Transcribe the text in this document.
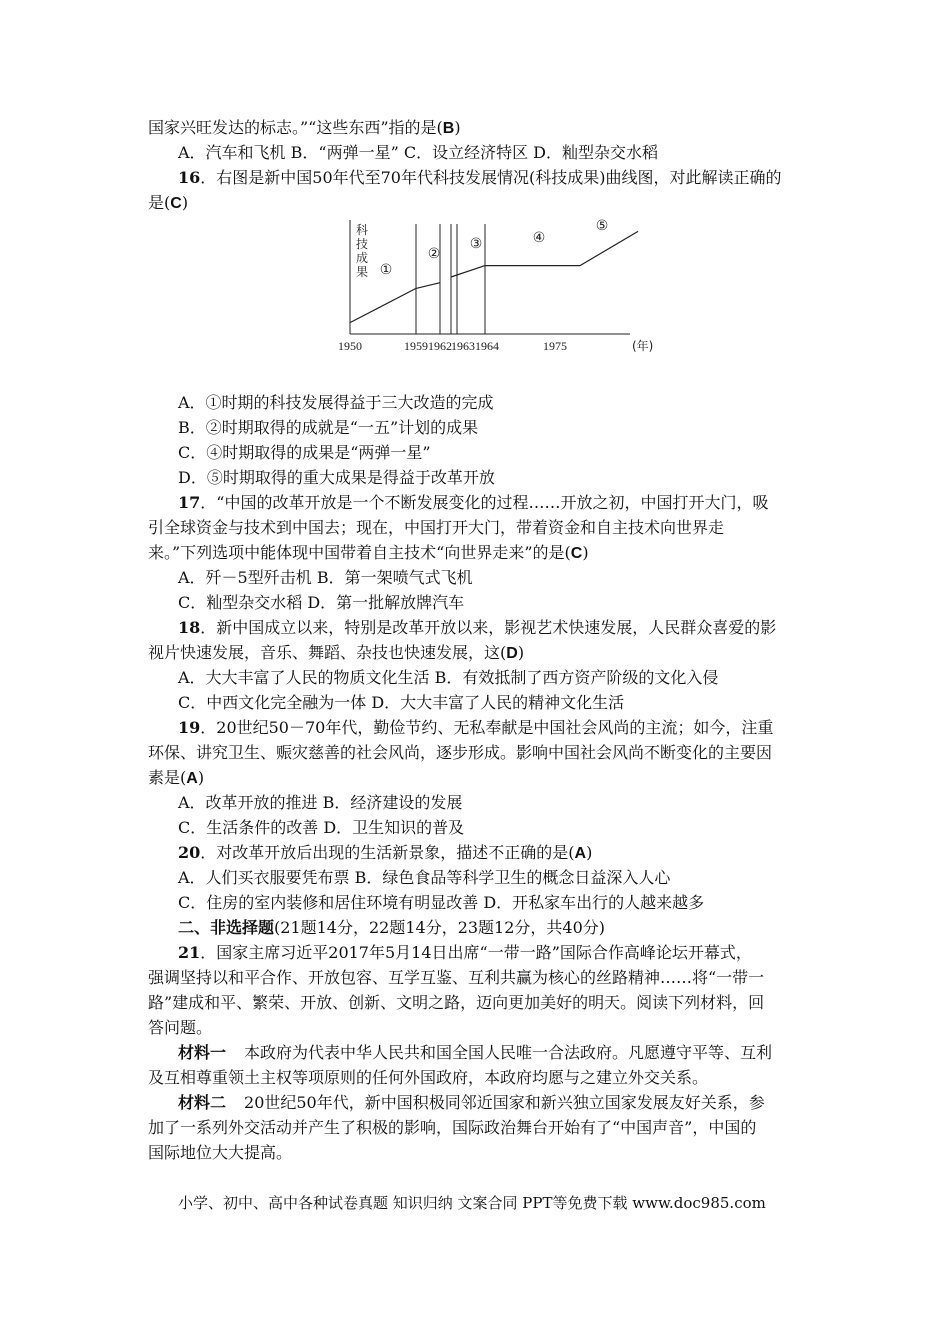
国家兴旺发达的标志。”“这些东西”指的是(B)
A．汽车和飞机 B．“两弹一星” C．设立经济特区 D．籼型杂交水稻
16．右图是新中国50年代至70年代科技发展情况(科技成果)曲线图，对此解读正确的
是(C)
科
技
成
果 ①
②
③	④
⑤
1950	1959 1962 1963 1964	1975	(年)
A．①时期的科技发展得益于三大改造的完成
B．②时期取得的成就是“一五”计划的成果
C．④时期取得的成果是“两弹一星”
D．⑤时期取得的重大成果是得益于改革开放
17．“中国的改革开放是一个不断发展变化的过程……开放之初，中国打开大门，吸
引全球资金与技术到中国去；现在，中国打开大门，带着资金和自主技术向世界走
来。”下列选项中能体现中国带着自主技术“向世界走来”的是(C)
A．歼－5型歼击机 B．第一架喷气式飞机
C．籼型杂交水稻 D．第一批解放牌汽车
18．新中国成立以来，特别是改革开放以来，影视艺术快速发展，人民群众喜爱的影
视片快速发展，音乐、舞蹈、杂技也快速发展，这(D)
A．大大丰富了人民的物质文化生活 B．有效抵制了西方资产阶级的文化入侵
C．中西文化完全融为一体 D．大大丰富了人民的精神文化生活
19．20世纪50－70年代，勤俭节约、无私奉献是中国社会风尚的主流；如今，注重
环保、讲究卫生、赈灾慈善的社会风尚，逐步形成。影响中国社会风尚不断变化的主要因
素是(A)
A．改革开放的推进 B．经济建设的发展
C．生活条件的改善 D．卫生知识的普及
20．对改革开放后出现的生活新景象，描述不正确的是(A)
A．人们买衣服要凭布票 B．绿色食品等科学卫生的概念日益深入人心
C．住房的室内装修和居住环境有明显改善 D．开私家车出行的人越来越多
二、非选择题(21题14分，22题14分，23题12分，共40分)
21．国家主席习近平2017年5月14日出席“一带一路”国际合作高峰论坛开幕式，
强调坚持以和平合作、开放包容、互学互鉴、互利共赢为核心的丝路精神……将“一带一
路”建成和平、繁荣、开放、创新、文明之路，迈向更加美好的明天。阅读下列材料，回
答问题。
材料一 本政府为代表中华人民共和国全国人民唯一合法政府。凡愿遵守平等、互利
及互相尊重领土主权等项原则的任何外国政府，本政府均愿与之建立外交关系。
材料二 20世纪50年代，新中国积极同邻近国家和新兴独立国家发展友好关系，参
加了一系列外交活动并产生了积极的影响，国际政治舞台开始有了“中国声音”，中国的
国际地位大大提高。
小学、初中、高中各种试卷真题 知识归纳 文案合同 PPT等免费下载 www.doc985.com
